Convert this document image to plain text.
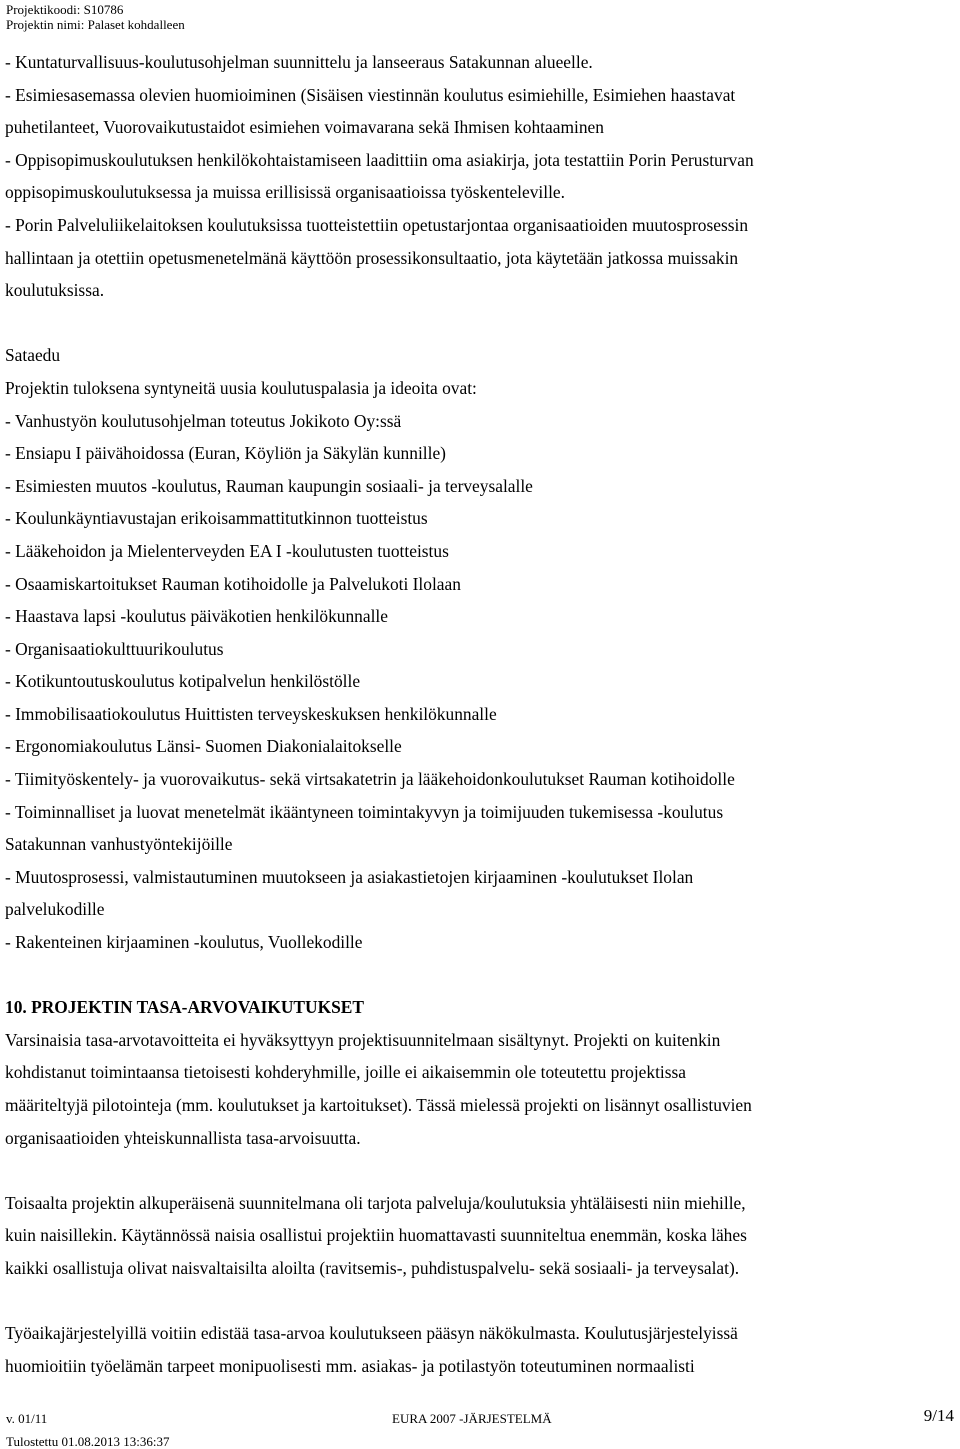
Projektikoodi: S10786
Projektin nimi: Palaset kohdalleen

- Kuntaturvallisuus-koulutusohjelman suunnittelu ja lanseeraus Satakunnan alueelle.

- Esimiesasemassa olevien huomioiminen (Sisäisen viestinnän koulutus esimiehille, Esimiehen haastavat

puhetilanteet, Vuorovaikutustaidot esimiehen voimavarana sekä Ihmisen kohtaaminen

- Oppisopimuskoulutuksen henkilökohtaistamiseen laadittiin oma asiakirja, jota testattiin Porin Perusturvan

oppisopimuskoulutuksessa ja muissa erillisissä organisaatioissa työskenteleville.

- Porin Palveluliikelaitoksen koulutuksissa tuotteistettiin opetustarjontaa organisaatioiden muutosprosessin

hallintaan ja otettiin opetusmenetelmänä käyttöön prosessikonsultaatio, jota käytetään jatkossa muissakin

koulutuksissa.

Sataedu

Projektin tuloksena syntyneitä uusia koulutuspalasia ja ideoita ovat:

- Vanhustyön koulutusohjelman toteutus Jokikoto Oy:ssä

- Ensiapu I päivähoidossa (Euran, Köyliön ja Säkylän kunnille)

- Esimiesten muutos -koulutus, Rauman kaupungin sosiaali- ja terveysalalle

- Koulunkäyntiavustajan erikoisammattitutkinnon tuotteistus

- Lääkehoidon ja Mielenterveyden EA I -koulutusten tuotteistus

- Osaamiskartoitukset Rauman kotihoidolle ja Palvelukoti Ilolaan

- Haastava lapsi -koulutus päiväkotien henkilökunnalle

- Organisaatiokulttuurikoulutus

- Kotikuntoutuskoulutus kotipalvelun henkilöstölle

- Immobilisaatiokoulutus Huittisten terveyskeskuksen henkilökunnalle

- Ergonomiakoulutus Länsi- Suomen Diakonialaitokselle

- Tiimityöskentely- ja vuorovaikutus- sekä virtsakatetrin ja lääkehoidonkoulutukset Rauman kotihoidolle

- Toiminnalliset ja luovat menetelmät ikääntyneen toimintakyvyn ja toimijuuden tukemisessa -koulutus

Satakunnan vanhustyöntekijöille

- Muutosprosessi, valmistautuminen muutokseen ja asiakastietojen kirjaaminen -koulutukset Ilolan

palvelukodille

- Rakenteinen kirjaaminen -koulutus, Vuollekodille

10. PROJEKTIN TASA-ARVOVAIKUTUKSET

Varsinaisia tasa-arvotavoitteita ei hyväksyttyyn projektisuunnitelmaan sisältynyt. Projekti on kuitenkin

kohdistanut toimintaansa tietoisesti kohderyhmille, joille ei aikaisemmin ole toteutettu projektissa

määriteltyjä pilotointeja (mm. koulutukset ja kartoitukset). Tässä mielessä projekti on lisännyt osallistuvien

organisaatioiden yhteiskunnallista tasa-arvoisuutta.

Toisaalta projektin alkuperäisenä suunnitelmana oli tarjota palveluja/koulutuksia yhtäläisesti niin miehille,

kuin naisillekin. Käytännössä naisia osallistui projektiin huomattavasti suunniteltua enemmän, koska lähes

kaikki osallistuja olivat naisvaltaisilta aloilta (ravitsemis-, puhdistuspalvelu- sekä sosiaali- ja terveysalat).

Työaikajärjestelyillä voitiin edistää tasa-arvoa koulutukseen pääsyn näkökulmasta. Koulutusjärjestelyissä

huomioitiin työelämän tarpeet monipuolisesti mm. asiakas- ja potilastyön toteutuminen normaalisti

v. 01/11	EURA 2007 -JÄRJESTELMÄ	9/14
Tulostettu 01.08.2013 13:36:37
